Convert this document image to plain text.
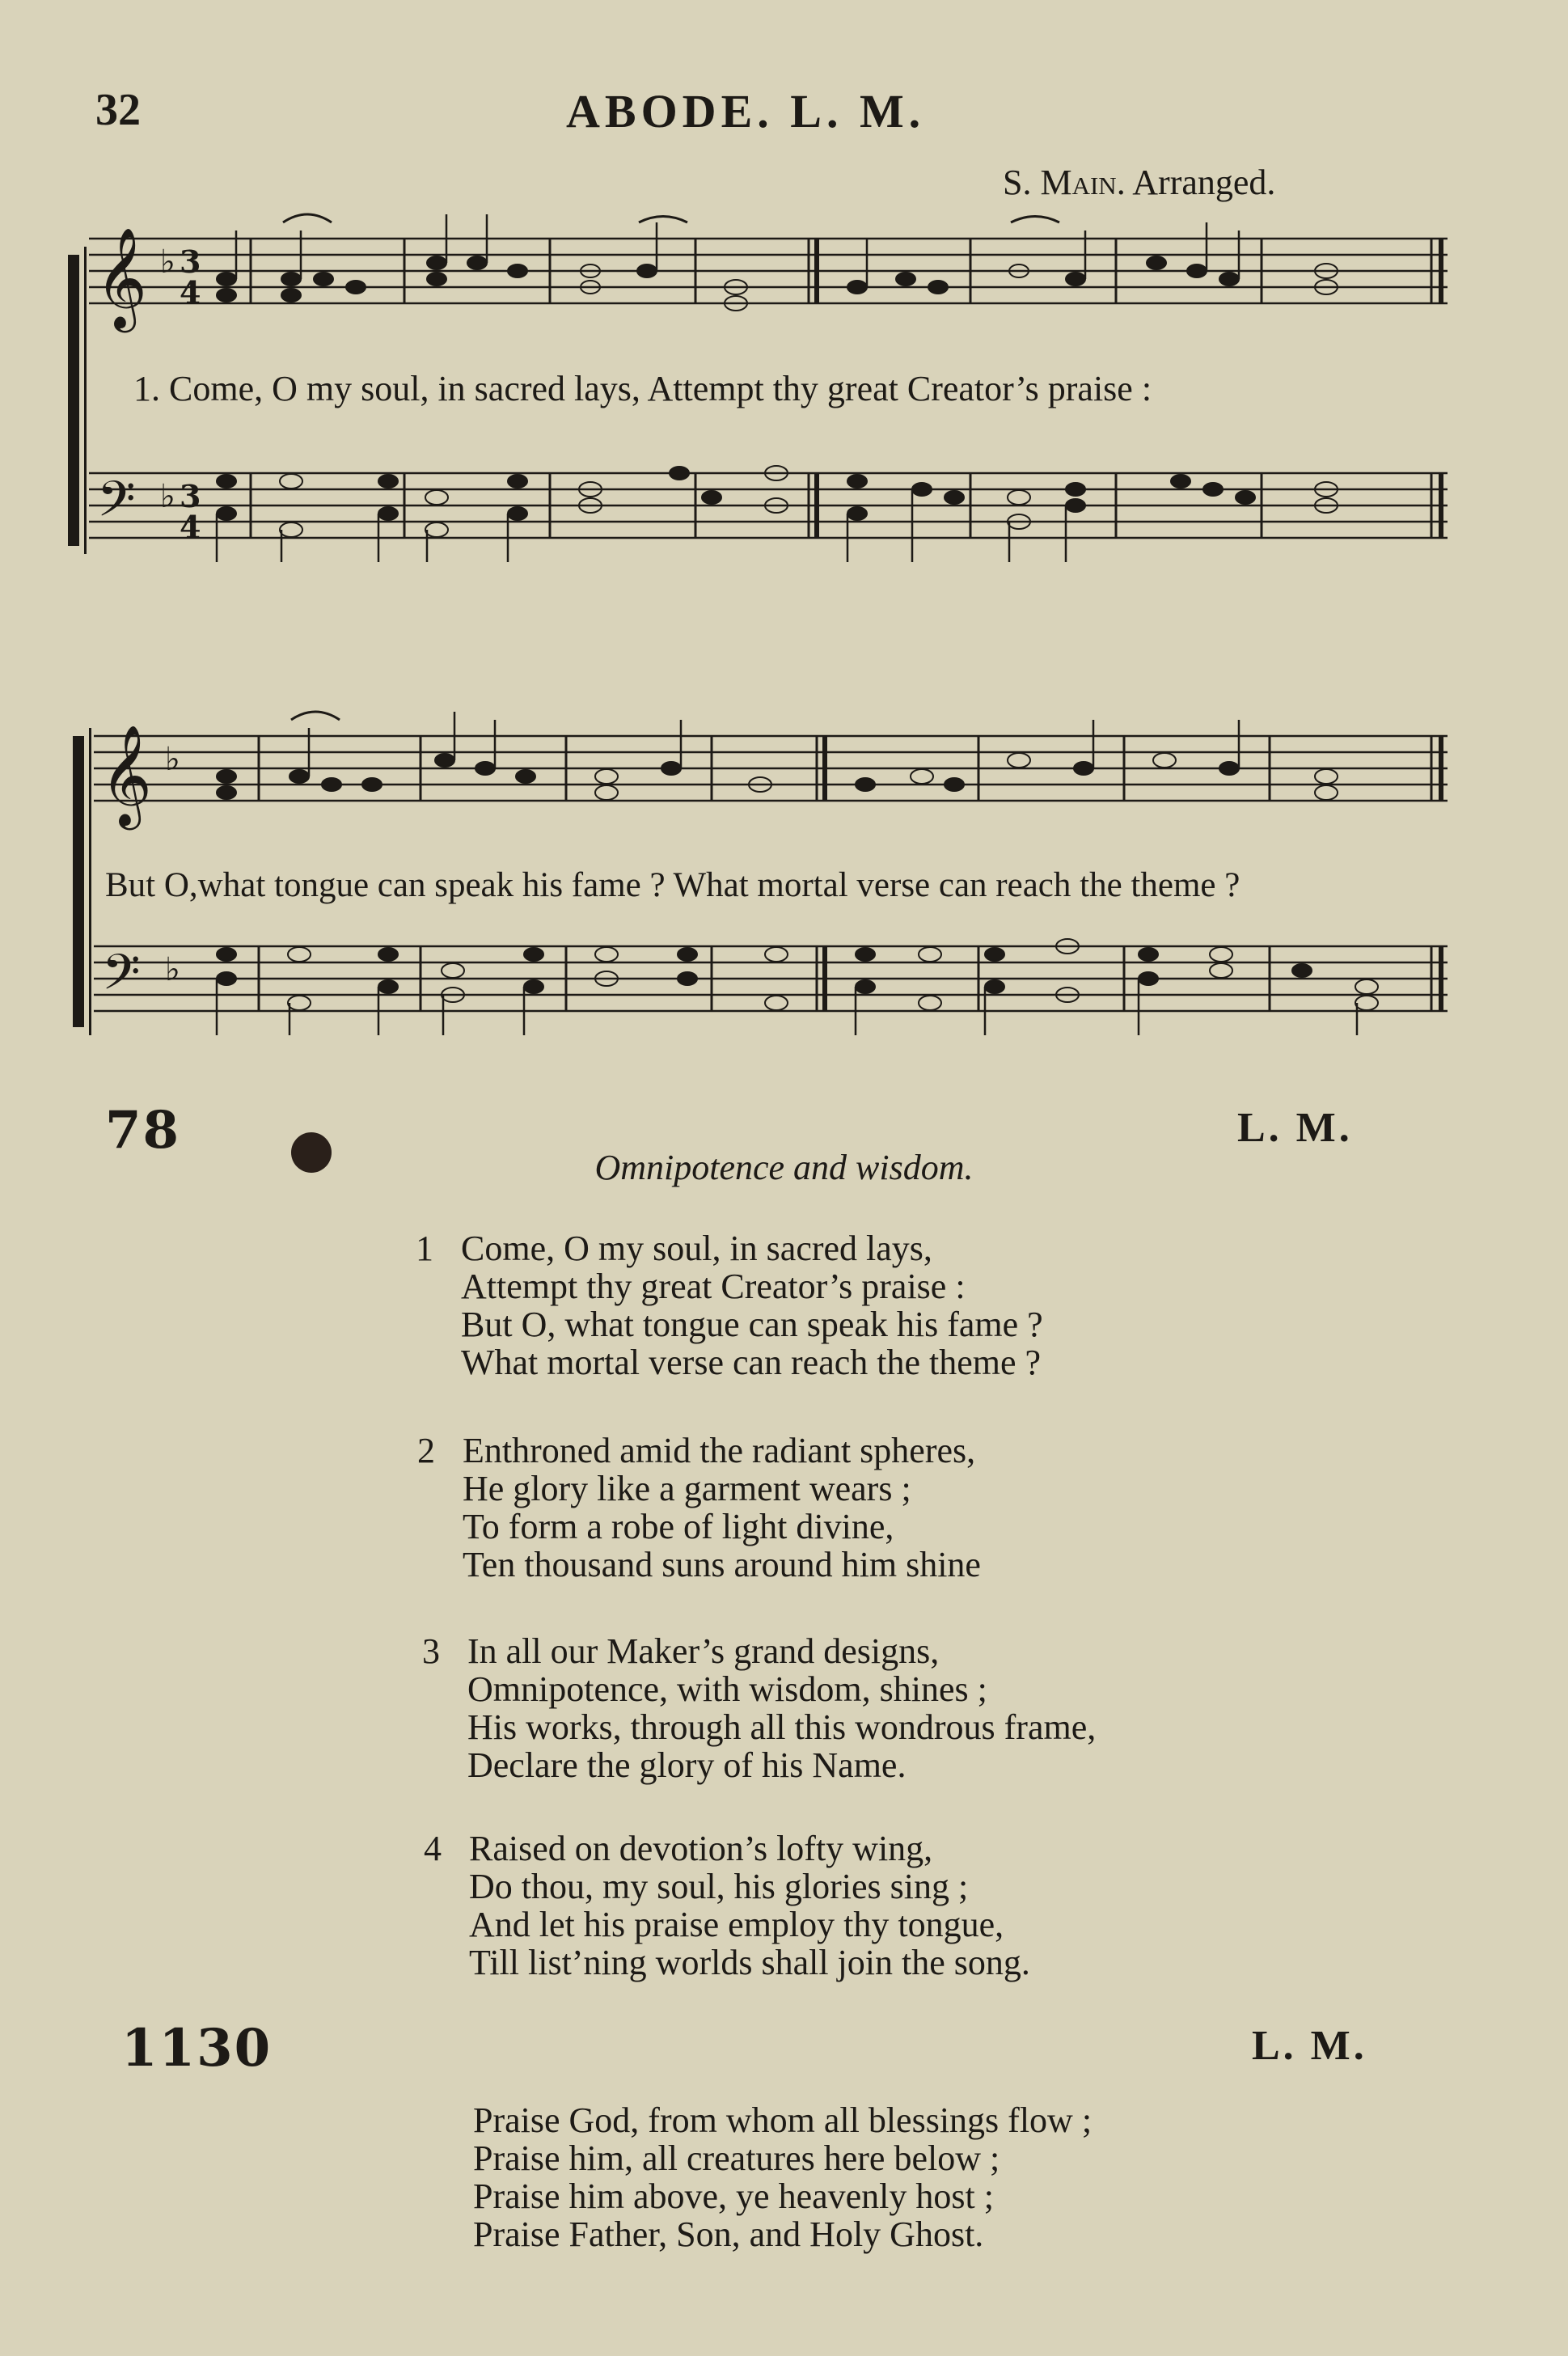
32	ABODE. L. M.
S. Main. Arranged.
𝄞
𝄢
♭
♭
3
4
3
4
1. Come, O my soul, in sacred lays, Attempt thy great Creator’s praise :
𝄞
𝄢
♭
♭
But O,what tongue can speak his fame ? What mortal verse can reach the theme ?
78	L. M.
Omnipotence and wisdom.
1 Come, O my soul, in sacred lays,
Attempt thy great Creator’s praise :
But O, what tongue can speak his fame ?
What mortal verse can reach the theme ?
2 Enthroned amid the radiant spheres,
He glory like a garment wears ;
To form a robe of light divine,
Ten thousand suns around him shine
3 In all our Maker’s grand designs,
Omnipotence, with wisdom, shines ;
His works, through all this wondrous frame,
Declare the glory of his Name.
4 Raised on devotion’s lofty wing,
Do thou, my soul, his glories sing ;
And let his praise employ thy tongue,
Till list’ning worlds shall join the song.
1130	L. M.
Praise God, from whom all blessings flow ;
Praise him, all creatures here below ;
Praise him above, ye heavenly host ;
Praise Father, Son, and Holy Ghost.
